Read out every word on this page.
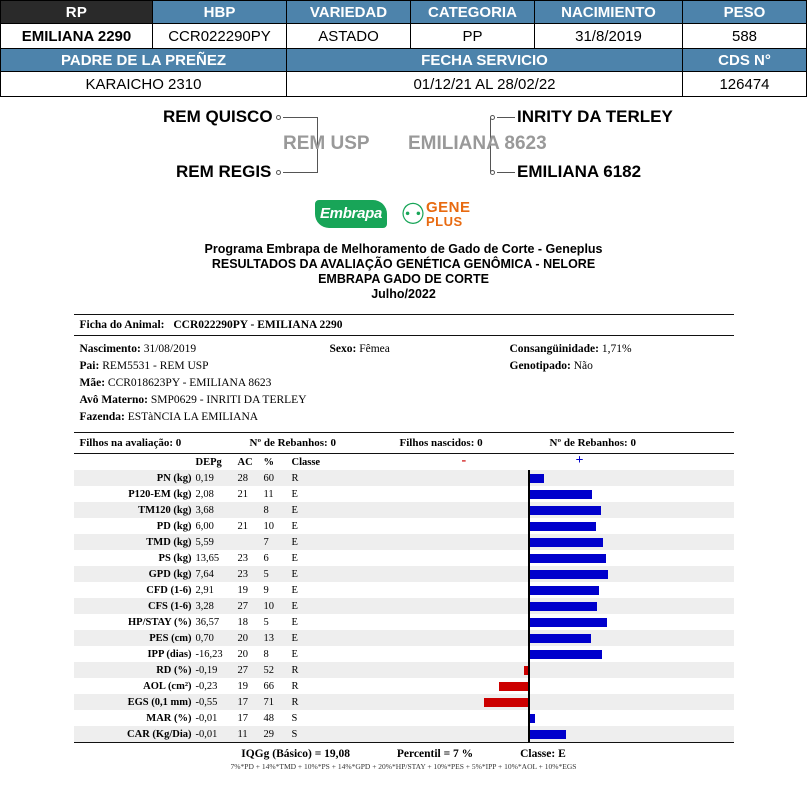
RP	HBP	VARIEDAD	CATEGORIA	NACIMIENTO	PESO
EMILIANA 2290	CCR022290PY	ASTADO	PP	31/8/2019	588
PADRE DE LA PREÑEZ		FECHA SERVICIO			CDS N°
KARAICHO 2310		01/12/21 AL 28/02/22			126474
REM QUISCO
REM REGIS
REM USP
INRITY DA TERLEY
EMILIANA 6182
EMILIANA 8623
Embrapa ⚇ GENE
PLUS
Programa Embrapa de Melhoramento de Gado de Corte - Geneplus
RESULTADOS DA AVALIAÇÃO GENÉTICA GENÔMICA - NELORE
EMBRAPA GADO DE CORTE
Julho/2022
Ficha do Animal: CCR022290PY - EMILIANA 2290
Nascimento: 31/08/2019	Sexo: Fêmea	Consangüinidade: 1,71%
Pai: REM5531 - REM USP	Genotipado: Não
Mãe: CCR018623PY - EMILIANA 8623
Avô Materno: SMP0629 - INRITI DA TERLEY
Fazenda: ESTàNCIA LA EMILIANA
Filhos na avaliação: 0	Nº de Rebanhos: 0	Filhos nascidos: 0	Nº de Rebanhos: 0
	DEPg	AC	%	Classe	- +

PN (kg)	0,19	28	60	R	

P120-EM (kg)	2,08	21	11	E	

TM120 (kg)	3,68		8	E	

PD (kg)	6,00	21	10	E	

TMD (kg)	5,59		7	E	

PS (kg)	13,65	23	6	E	

GPD (kg)	7,64	23	5	E	

CFD (1-6)	2,91	19	9	E	

CFS (1-6)	3,28	27	10	E	

HP/STAY (%)	36,57	18	5	E	

PES (cm)	0,70	20	13	E	

IPP (dias)	-16,23	20	8	E	

RD (%)	-0,19	27	52	R	

AOL (cm²)	-0,23	19	66	R	

EGS (0,1 mm)	-0,55	17	71	R	

MAR (%)	-0,01	17	48	S	

CAR (Kg/Dia)	-0,01	11	29	S	
IQGg (Básico) = 19,08	Percentil = 7 %	Classe: E
7%*PD + 14%*TMD + 10%*PS + 14%*GPD + 20%*HP/STAY + 10%*PES + 5%*IPP + 10%*AOL + 10%*EGS
